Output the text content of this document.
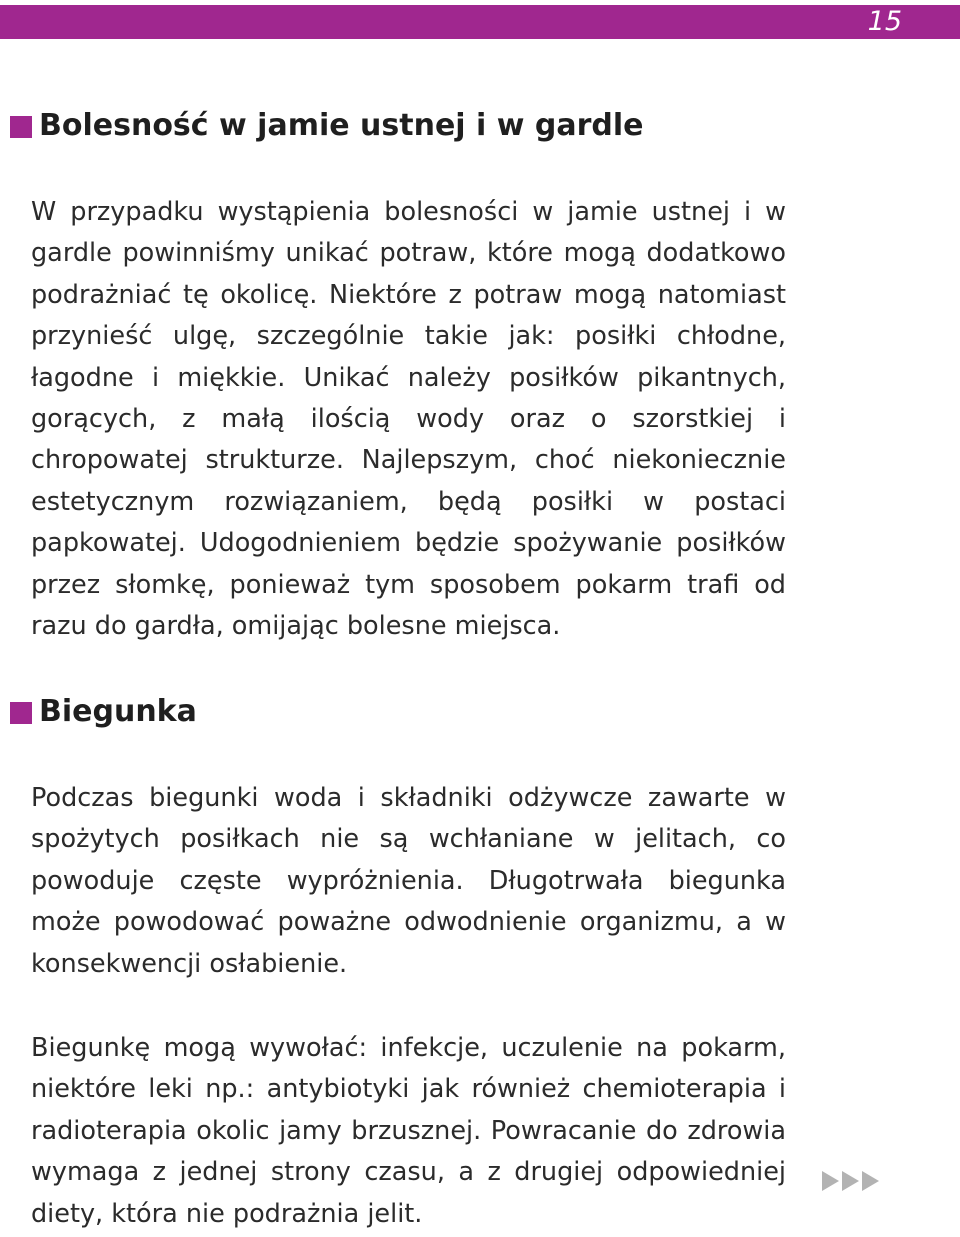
15
Bolesność w jamie ustnej i w gardle

W przypadku wystąpienia bolesności w jamie ustnej i w gardle powinniśmy unikać potraw, które mogą dodatkowo podrażniać tę okolicę. Niektóre z potraw mogą natomiast przynieść ulgę, szczególnie takie jak: posiłki chłodne, łagodne i miękkie. Unikać należy posiłków pikantnych, gorących, z małą ilością wody oraz o szorstkiej i chropowatej strukturze. Najlepszym, choć niekoniecznie estetycznym rozwiązaniem, będą posiłki w postaci papkowatej. Udogodnieniem będzie spożywanie posiłków przez słomkę, ponieważ tym sposobem pokarm trafi od razu do gardła, omijając bolesne miejsca.

Biegunka

Podczas biegunki woda i składniki odżywcze zawarte w spożytych posiłkach nie są wchłaniane w jelitach, co powoduje częste wypróżnienia. Długotrwała biegunka może powodować poważne odwodnienie organizmu, a w konsekwencji osłabienie.

Biegunkę mogą wywołać: infekcje, uczulenie na pokarm, niektóre leki np.: antybiotyki jak również chemioterapia i radioterapia okolic jamy brzusznej. Powracanie do zdrowia wymaga z jednej strony czasu, a z drugiej odpowiedniej diety, która nie podrażnia jelit.
